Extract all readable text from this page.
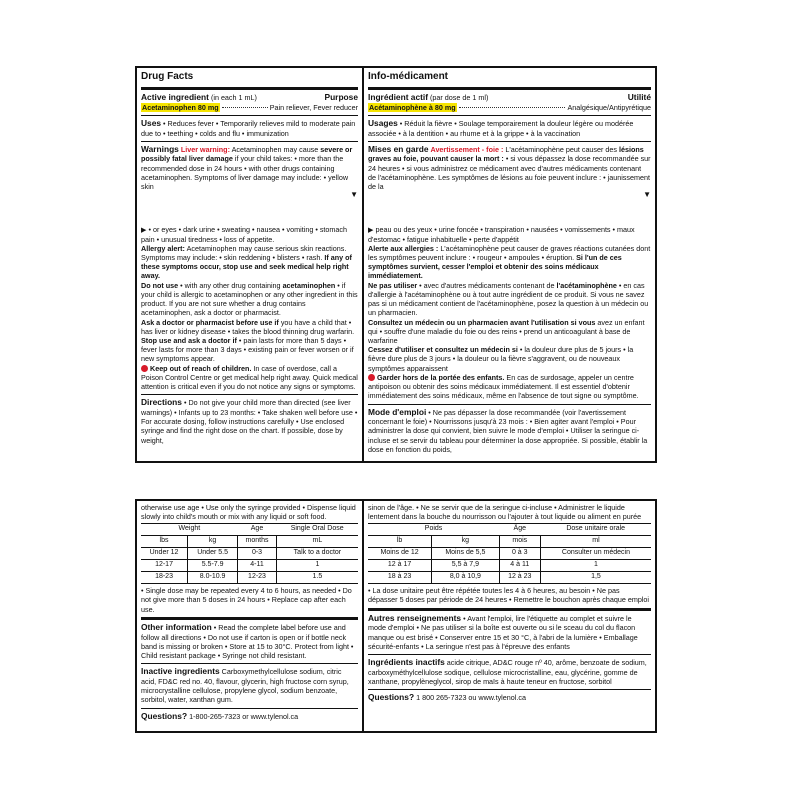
Drug Facts
Active ingredient (in each 1 mL)	Purpose
Acetaminophen 80 mg	Pain reliever, Fever reducer
Uses • Reduces fever • Temporarily relieves mild to moderate pain due to • teething • colds and flu • immunization

Warnings Liver warning: Acetaminophen may cause severe or possibly fatal liver damage if your child takes: • more than the recommended dose in 24 hours • with other drugs containing acetaminophen. Symptoms of liver damage may include: • yellow skin

▼

▶ • or eyes • dark urine • sweating • nausea • vomiting • stomach pain • unusual tiredness • loss of appetite.

Allergy alert: Acetaminophen may cause serious skin reactions. Symptoms may include: • skin reddening • blisters • rash. If any of these symptoms occur, stop use and seek medical help right away.

Do not use • with any other drug containing acetaminophen • if your child is allergic to acetaminophen or any other ingredient in this product. If you are not sure whether a drug contains acetaminophen, ask a doctor or pharmacist.

Ask a doctor or pharmacist before use if you have a child that • has liver or kidney disease • takes the blood thinning drug warfarin.

Stop use and ask a doctor if • pain lasts for more than 5 days • fever lasts for more than 3 days • existing pain or fever worsen or if new symptoms appear.

Keep out of reach of children. In case of overdose, call a Poison Control Centre or get medical help right away. Quick medical attention is critical even if you do not notice any signs or symptoms.

Directions • Do not give your child more than directed (see liver warnings) • Infants up to 23 months: • Take shaken well before use • For accurate dosing, follow instructions carefully • Use enclosed syringe and find the right dose on the chart. If possible, dose by weight,
Info-médicament
Ingrédient actif (par dose de 1 ml)	Utilité
Acétaminophène à 80 mg	Analgésique/Antipyrétique
Usages • Réduit la fièvre • Soulage temporairement la douleur légère ou modérée associée • à la dentition • au rhume et à la grippe • à la vaccination

Mises en garde Avertissement - foie : L'acétaminophène peut causer des lésions graves au foie, pouvant causer la mort : • si vous dépassez la dose recommandée sur 24 heures • si vous administrez ce médicament avec d'autres médicaments contenant de l'acétaminophène. Les symptômes de lésions au foie peuvent inclure : • jaunissement de la

▼

▶ peau ou des yeux • urine foncée • transpiration • nausées • vomissements • maux d'estomac • fatigue inhabituelle • perte d'appétit

Alerte aux allergies : L'acétaminophène peut causer de graves réactions cutanées dont les symptômes peuvent inclure : • rougeur • ampoules • éruption. Si l'un de ces symptômes survient, cesser l'emploi et obtenir des soins médicaux immédiatement.

Ne pas utiliser • avec d'autres médicaments contenant de l'acétaminophène • en cas d'allergie à l'acétaminophène ou à tout autre ingrédient de ce produit. Si vous ne savez pas si un médicament contient de l'acétaminophène, posez la question à un médecin ou un pharmacien.

Consultez un médecin ou un pharmacien avant l'utilisation si vous avez un enfant qui • souffre d'une maladie du foie ou des reins • prend un anticoagulant à base de warfarine

Cessez d'utiliser et consultez un médecin si • la douleur dure plus de 5 jours • la fièvre dure plus de 3 jours • la douleur ou la fièvre s'aggravent, ou de nouveaux symptômes apparaissent

Garder hors de la portée des enfants. En cas de surdosage, appeler un centre antipoison ou obtenir des soins médicaux immédiatement. Il est essentiel d'obtenir immédiatement des soins médicaux, même en l'absence de tout signe ou symptôme.

Mode d'emploi • Ne pas dépasser la dose recommandée (voir l'avertissement concernant le foie) • Nourrissons jusqu'à 23 mois : • Bien agiter avant l'emploi • Pour administrer la dose qui convient, bien suivre le mode d'emploi • Utiliser la seringue ci-incluse et se servir du tableau pour déterminer la dose appropriée. Si possible, établir la dose en fonction du poids,

otherwise use age • Use only the syringe provided • Dispense liquid slowly into child's mouth or mix with any liquid or soft food.

Weight		Age	Single Oral Dose
lbs	kg	months	mL
Under 12	Under 5.5	0-3	Talk to a doctor
12-17	5.5-7.9	4-11	1
18-23	8.0-10.9	12-23	1.5

• Single dose may be repeated every 4 to 6 hours, as needed • Do not give more than 5 doses in 24 hours • Replace cap after each use.

Other information • Read the complete label before use and follow all directions • Do not use if carton is open or if bottle neck band is missing or broken • Store at 15 to 30°C. Protect from light • Child resistant package • Syringe not child resistant.
Inactive ingredients Carboxymethylcellulose sodium, citric acid, FD&C red no. 40, flavour, glycerin, high fructose corn syrup, microcrystalline cellulose, propylene glycol, sodium benzoate, sorbitol, water, xanthan gum.
Questions? 1-800-265-7323 or www.tylenol.ca

sinon de l'âge. • Ne se servir que de la seringue ci-incluse • Administrer le liquide lentement dans la bouche du nourrisson ou l'ajouter à tout liquide ou aliment en purée

Poids		Âge	Dose unitaire orale
lb	kg	mois	ml
Moins de 12	Moins de 5,5	0 à 3	Consulter un médecin
12 à 17	5,5 à 7,9	4 à 11	1
18 à 23	8,0 à 10,9	12 à 23	1,5

• La dose unitaire peut être répétée toutes les 4 à 6 heures, au besoin • Ne pas dépasser 5 doses par période de 24 heures • Remettre le bouchon après chaque emploi

Autres renseignements • Avant l'emploi, lire l'étiquette au complet et suivre le mode d'emploi • Ne pas utiliser si la boîte est ouverte ou si le sceau du col du flacon manque ou est brisé • Conserver entre 15 et 30 °C, à l'abri de la lumière • Emballage sécurité-enfants • La seringue n'est pas à l'épreuve des enfants
Ingrédients inactifs acide citrique, AD&C rouge nº 40, arôme, benzoate de sodium, carboxyméthylcellulose sodique, cellulose microcristalline, eau, glycérine, gomme de xanthane, propylèneglycol, sirop de maïs à haute teneur en fructose, sorbitol
Questions? 1 800 265-7323 ou www.tylenol.ca
